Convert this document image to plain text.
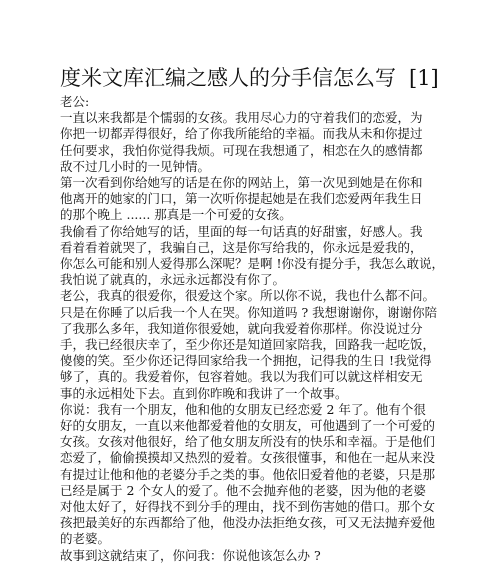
度米文库汇编之感人的分手信怎么写 [1]
老公:
一直以来我都是个懦弱的女孩。我用尽心力的守着我们的恋爱，为
你把一切都弄得很好，给了你我所能给的幸福。而我从未和你提过
任何要求，我怕你觉得我烦。可现在我想通了，相恋在久的感情都
敌不过几小时的一见钟情。
第一次看到你给她写的话是在你的网站上，第一次见到她是在你和
他离开的她家的门口，第一次听你提起她是在我们恋爱两年我生日
的那个晚上 ...... 那真是一个可爱的女孩。
我偷看了你给她写的话，里面的每一句话真的好甜蜜，好感人。我
看着看着就哭了，我骗自己，这是你写给我的，你永远是爱我的，
你怎么可能和别人爱得那么深呢？是啊 !你没有提分手，我怎么敢说，
我怕说了就真的，永远永远都没有你了。
老公，我真的很爱你，很爱这个家。所以你不说，我也什么都不问。
只是在你睡了以后我一个人在哭。你知道吗 ? 我想谢谢你，谢谢你陪
了我那么多年，我知道你很爱她，就向我爱着你那样。你没说过分
手，我已经很庆幸了，至少你还是知道回家陪我，回路我一起吃饭，
傻傻的笑。至少你还记得回家给我一个拥抱，记得我的生日 !我觉得
够了，真的。我爱着你，包容着她。我以为我们可以就这样相安无
事的永远相处下去。直到你昨晚和我讲了一个故事。
你说：我有一个朋友，他和他的女朋友已经恋爱 2 年了。他有个很
好的女朋友，一直以来他都爱着他的女朋友，可他遇到了一个可爱的
女孩。女孩对他很好，给了他女朋友所没有的快乐和幸福。于是他们
恋爱了，偷偷摸摸却又热烈的爱着。女孩很懂事，和他在一起从来没
有提过让他和他的老婆分手之类的事。他依旧爱着他的老婆，只是那
已经是属于 2 个女人的爱了。他不会抛弃他的老婆，因为他的老婆
对他太好了，好得找不到分手的理由，找不到伤害她的借口。那个女
孩把最美好的东西都给了他，他没办法拒绝女孩，可又无法抛弃爱他
的老婆。
故事到这就结束了，你问我：你说他该怎么办 ?
